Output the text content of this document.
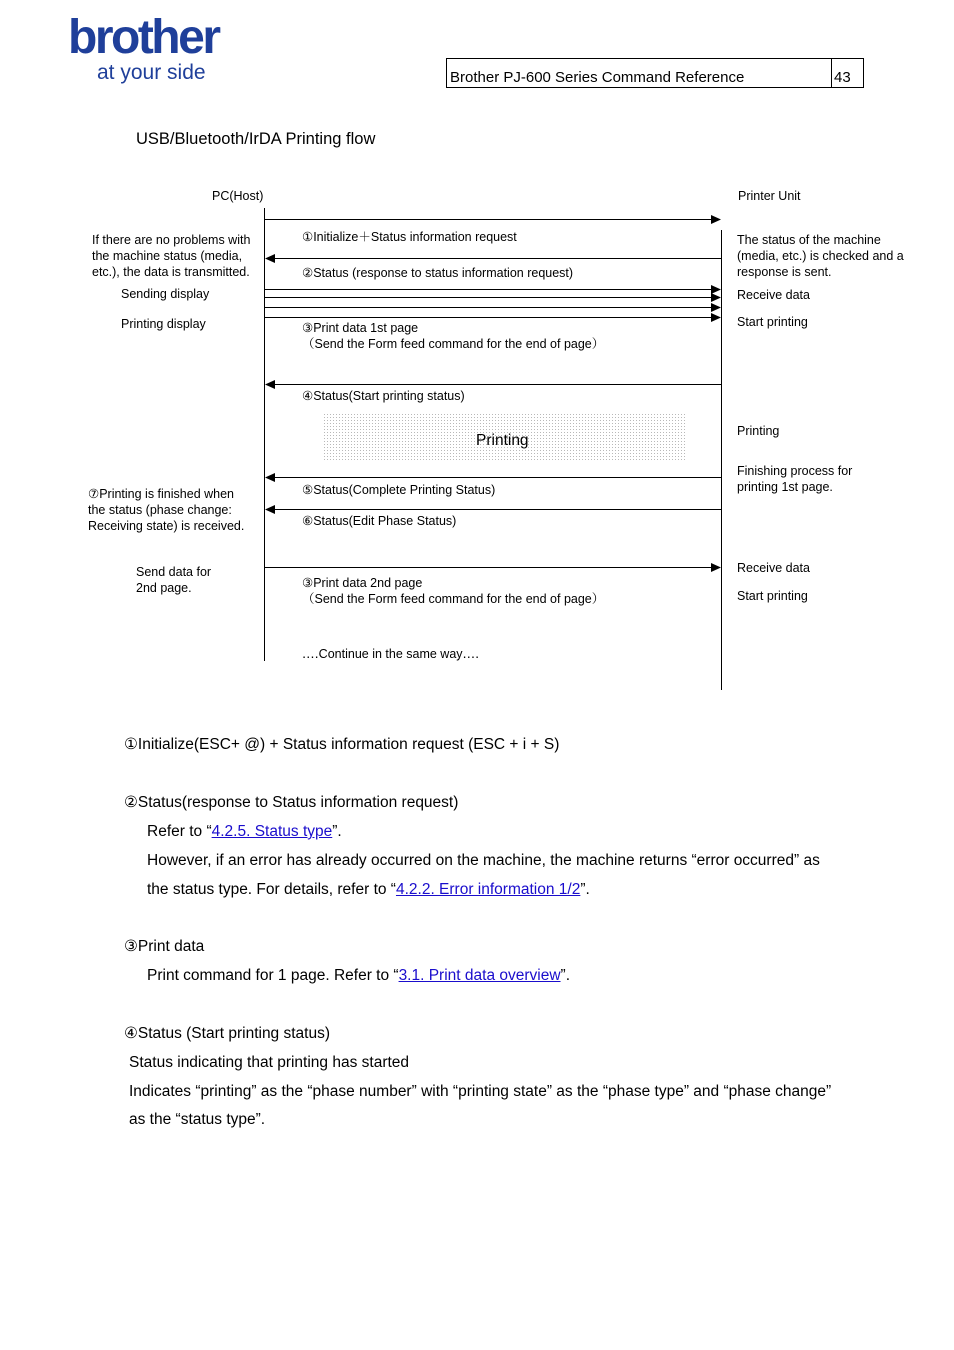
brother
at your side	Brother PJ-600 Series Command Reference	43
USB/Bluetooth/IrDA Printing flow
PC(Host)	Printer Unit
If there are no problems with the machine status (media, etc.), the data is transmitted.
Sending display
Printing display
⑦Printing is finished when the status (phase change: Receiving state) is received.
Send data for 2nd page.
①Initialize＋Status information request
②Status (response to status information request)
③Print data 1st page
（Send the Form feed command for the end of page）
④Status(Start printing status)
Printing
⑤Status(Complete Printing Status)
⑥Status(Edit Phase Status)
③Print data 2nd page
（Send the Form feed command for the end of page）
‥‥Continue in the same way‥‥
The status of the machine (media, etc.) is checked and a response is sent.
Receive data
Start printing
Printing
Finishing process for printing 1st page.
Receive data
Start printing
①Initialize(ESC+ @) + Status information request (ESC + i + S)
②Status(response to Status information request)
Refer to “4.2.5. Status type”.
However, if an error has already occurred on the machine, the machine returns “error occurred” as
the status type. For details, refer to “4.2.2. Error information 1/2”.
③Print data
Print command for 1 page. Refer to “3.1. Print data overview”.
④Status (Start printing status)
Status indicating that printing has started
Indicates “printing” as the “phase number” with “printing state” as the “phase type” and “phase change”
as the “status type”.
